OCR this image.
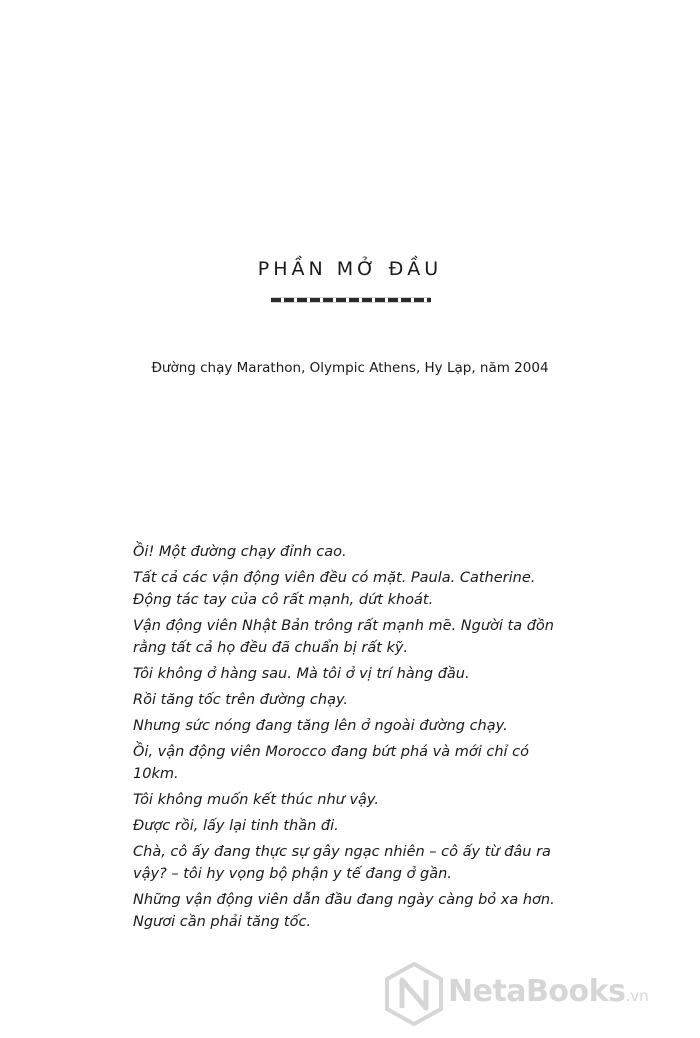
PHẦN MỞ ĐẦU

Đường chạy Marathon, Olympic Athens, Hy Lạp, năm 2004

Ồi! Một đường chạy đỉnh cao.

Tất cả các vận động viên đều có mặt. Paula. Catherine. Động tác tay của cô rất mạnh, dứt khoát.

Vận động viên Nhật Bản trông rất mạnh mẽ. Người ta đồn rằng tất cả họ đều đã chuẩn bị rất kỹ.

Tôi không ở hàng sau. Mà tôi ở vị trí hàng đầu.

Rồi tăng tốc trên đường chạy.

Nhưng sức nóng đang tăng lên ở ngoài đường chạy.

Ồi, vận động viên Morocco đang bứt phá và mới chỉ có 10km.

Tôi không muốn kết thúc như vậy.

Được rồi, lấy lại tinh thần đi.

Chà, cô ấy đang thực sự gây ngạc nhiên – cô ấy từ đâu ra vậy? – tôi hy vọng bộ phận y tế đang ở gần.

Những vận động viên dẫn đầu đang ngày càng bỏ xa hơn. Ngươi cần phải tăng tốc.

NetaBooks.vn
